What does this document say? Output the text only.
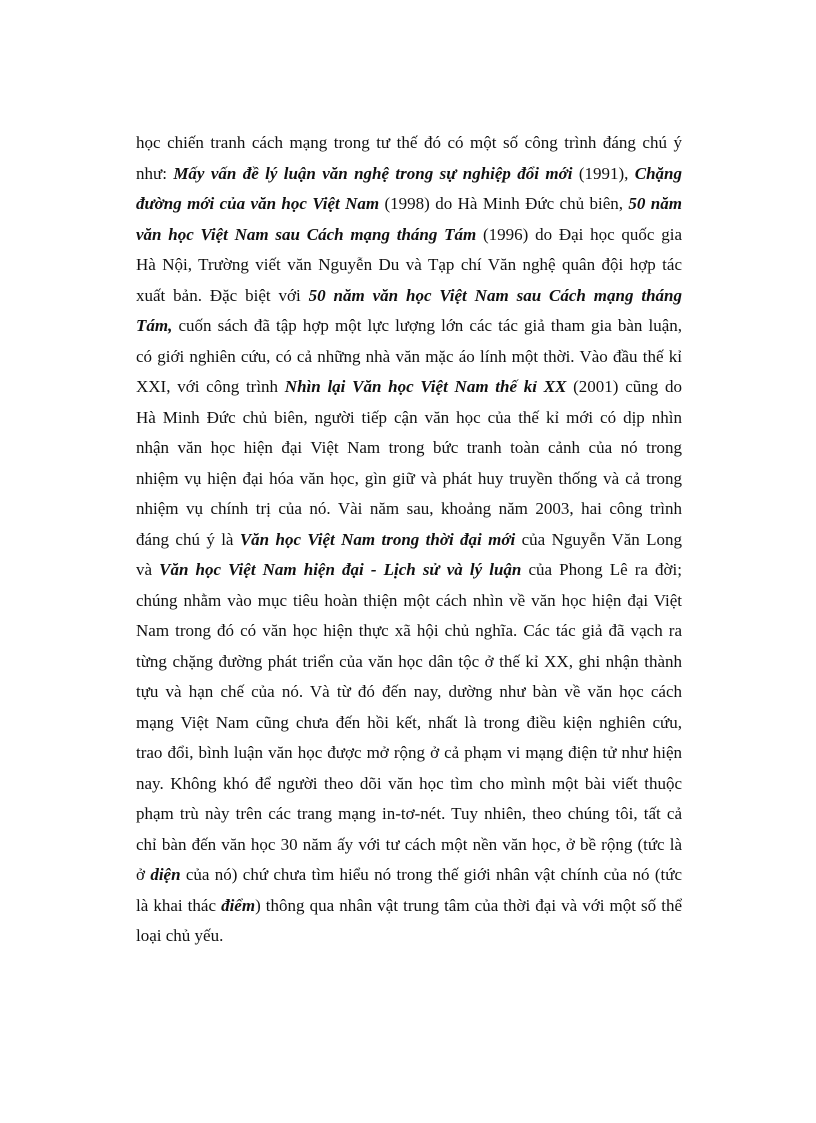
học chiến tranh cách mạng trong tư thế đó có một số công trình đáng chú ý
như: Mấy vấn đề lý luận văn nghệ trong sự nghiệp đổi mới (1991), Chặng
đường mới của văn học Việt Nam (1998) do Hà Minh Đức chủ biên, 50 năm
văn học Việt Nam sau Cách mạng tháng Tám (1996) do Đại học quốc gia
Hà Nội, Trường viết văn Nguyễn Du và Tạp chí Văn nghệ quân đội hợp tác
xuất bản. Đặc biệt với 50 năm văn học Việt Nam sau Cách mạng tháng
Tám, cuốn sách đã tập hợp một lực lượng lớn các tác giả tham gia bàn luận,
có giới nghiên cứu, có cả những nhà văn mặc áo lính một thời. Vào đầu thế kỉ
XXI, với công trình Nhìn lại Văn học Việt Nam thế kỉ XX (2001) cũng do
Hà Minh Đức chủ biên, người tiếp cận văn học của thế kỉ mới có dịp nhìn
nhận văn học hiện đại Việt Nam trong bức tranh toàn cảnh của nó trong
nhiệm vụ hiện đại hóa văn học, gìn giữ và phát huy truyền thống và cả trong
nhiệm vụ chính trị của nó. Vài năm sau, khoảng năm 2003, hai công trình
đáng chú ý là Văn học Việt Nam trong thời đại mới của Nguyễn Văn Long
và Văn học Việt Nam hiện đại - Lịch sử và lý luận của Phong Lê ra đời;
chúng nhằm vào mục tiêu hoàn thiện một cách nhìn về văn học hiện đại Việt
Nam trong đó có văn học hiện thực xã hội chủ nghĩa. Các tác giả đã vạch ra
từng chặng đường phát triển của văn học dân tộc ở thế kỉ XX, ghi nhận thành
tựu và hạn chế của nó. Và từ đó đến nay, dường như bàn về văn học cách
mạng Việt Nam cũng chưa đến hồi kết, nhất là trong điều kiện nghiên cứu,
trao đổi, bình luận văn học được mở rộng ở cả phạm vi mạng điện tử như hiện
nay. Không khó để người theo dõi văn học tìm cho mình một bài viết thuộc
phạm trù này trên các trang mạng in-tơ-nét. Tuy nhiên, theo chúng tôi, tất cả
chỉ bàn đến văn học 30 năm ấy với tư cách một nền văn học, ở bề rộng (tức là
ở diện của nó) chứ chưa tìm hiểu nó trong thế giới nhân vật chính của nó (tức
là khai thác điểm) thông qua nhân vật trung tâm của thời đại và với một số thể
loại chủ yếu.
